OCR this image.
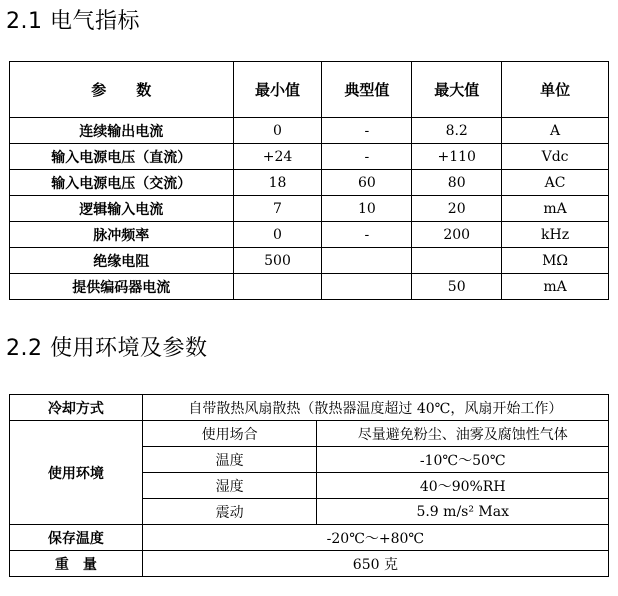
2.1 电气指标
参　　数	最小值	典型值	最大值	单位
连续输出电流	0	-	8.2	A
输入电源电压（直流）	+24	-	+110	Vdc
输入电源电压（交流）	18	60	80	AC
逻辑输入电流	7	10	20	mA
脉冲频率	0	-	200	kHz
绝缘电阻	500			MΩ
提供编码器电流			50	mA
2.2 使用环境及参数
冷却方式	自带散热风扇散热（散热器温度超过 40℃，风扇开始工作）	
使用环境	使用场合	尽量避免粉尘、油雾及腐蚀性气体
	温度	-10℃～50℃
	湿度	40～90%RH
	震动	5.9 m/s² Max
保存温度	-20℃～+80℃	
重　量	650 克	
